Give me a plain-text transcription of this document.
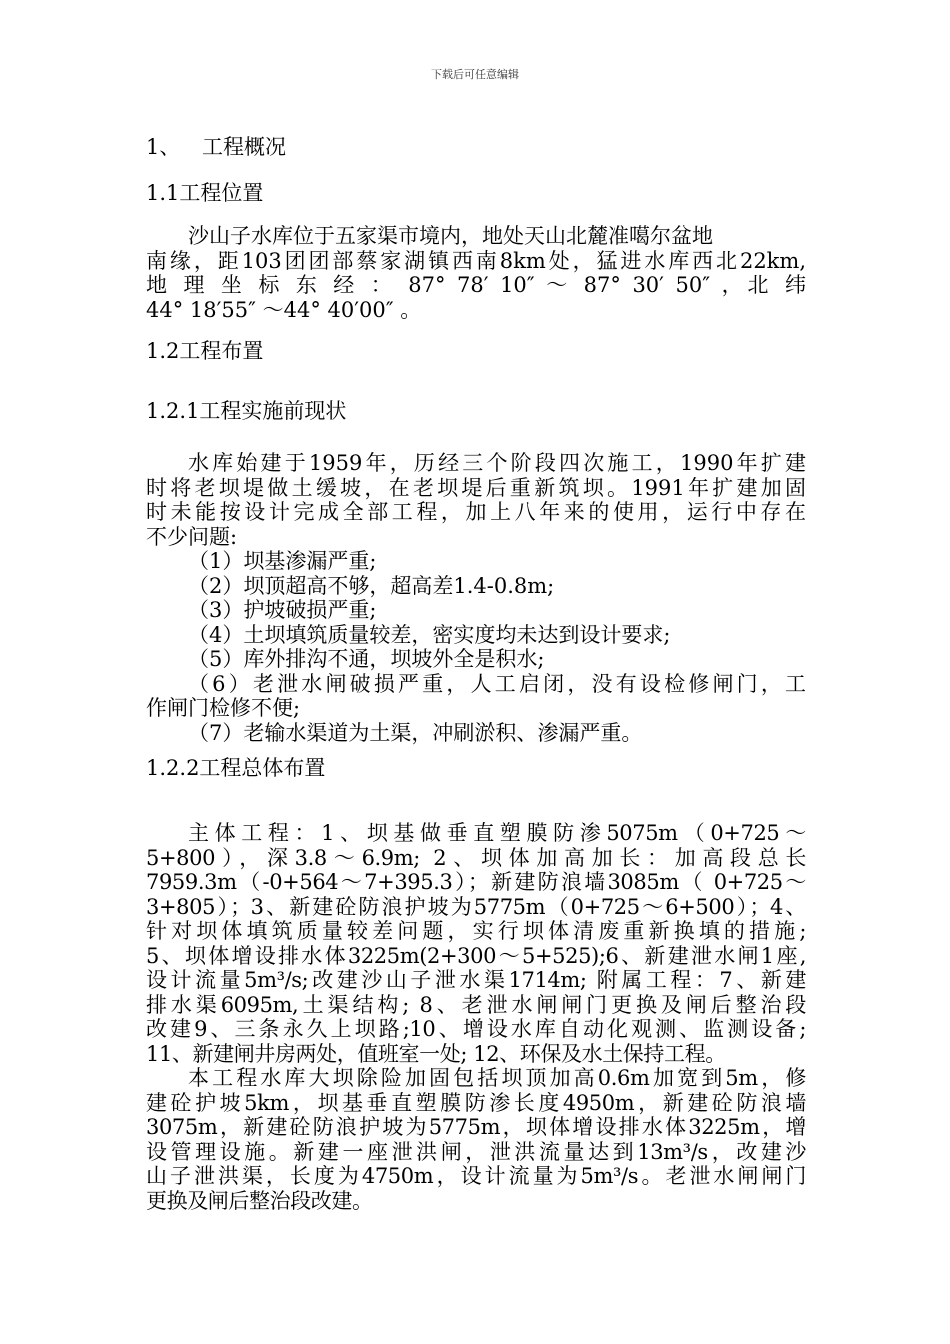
下载后可任意编辑
1、 工程概况
1.1工程位置
沙山子水库位于五家渠市境内，地处天山北麓准噶尔盆地
南缘，距103团团部蔡家湖镇西南8km处，猛进水库西北22km,
地 理 坐 标 东 经 ： 87° 78′ 10″ ～ 87° 30′ 50″ ，北 纬
44° 18′55″ ～44° 40′00″ 。
1.2工程布置
1.2.1工程实施前现状
水库始建于1959年，历经三个阶段四次施工，1990年扩建
时将老坝堤做土缓坡，在老坝堤后重新筑坝。1991年扩建加固
时未能按设计完成全部工程，加上八年来的使用，运行中存在
不少问题:
（1）坝基渗漏严重;
（2）坝顶超高不够，超高差1.4-0.8m;
（3）护坡破损严重;
（4）土坝填筑质量较差，密实度均未达到设计要求;
（5）库外排沟不通，坝坡外全是积水;
（6）老泄水闸破损严重，人工启闭，没有设检修闸门，工
作闸门检修不便;
（7）老输水渠道为土渠，冲刷淤积、渗漏严重。
1.2.2工程总体布置
主体工程：1、坝基做垂直塑膜防渗5075m（0+725～
5+800），深3.8～6.9m; 2、坝体加高加长：加高段总长
7959.3m（-0+564～7+395.3）；新建防浪墙3085m（ 0+725～
3+805）；3、新建砼防浪护坡为5775m（0+725～6+500）；4、
针对坝体填筑质量较差问题，实行坝体清废重新换填的措施;
5、坝体增设排水体3225m(2+300～5+525);6、新建泄水闸1座,
设计流量5m³/s;改建沙山子泄水渠1714m; 附属工程：7、新建
排水渠6095m,土渠结构; 8、老泄水闸闸门更换及闸后整治段
改建9、三条永久上坝路;10、增设水库自动化观测、监测设备;
11、新建闸井房两处，值班室一处; 12、环保及水土保持工程。
本工程水库大坝除险加固包括坝顶加高0.6m加宽到5m，修
建砼护坡5km，坝基垂直塑膜防渗长度4950m，新建砼防浪墙
3075m，新建砼防浪护坡为5775m，坝体增设排水体3225m，增
设管理设施。新建一座泄洪闸，泄洪流量达到13m³/s，改建沙
山子泄洪渠，长度为4750m，设计流量为5m³/s。老泄水闸闸门
更换及闸后整治段改建。
